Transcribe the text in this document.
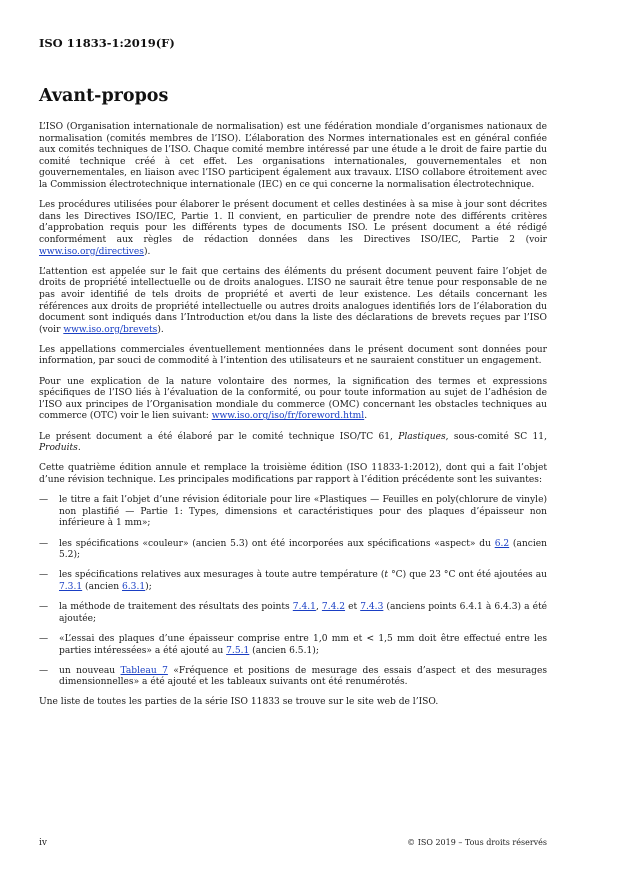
ISO 11833-1:2019(F)
Avant-propos

L’ISO (Organisation internationale de normalisation) est une fédération mondiale d’organismes nationaux de normalisation (comités membres de l’ISO). L’élaboration des Normes internationales est en général confiée aux comités techniques de l’ISO. Chaque comité membre intéressé par une étude a le droit de faire partie du comité technique créé à cet effet. Les organisations internationales, gouvernementales et non gouvernementales, en liaison avec l’ISO participent également aux travaux. L’ISO collabore étroitement avec la Commission électrotechnique internationale (IEC) en ce qui concerne la normalisation électrotechnique.

Les procédures utilisées pour élaborer le présent document et celles destinées à sa mise à jour sont décrites dans les Directives ISO/IEC, Partie 1. Il convient, en particulier de prendre note des différents critères d’approbation requis pour les différents types de documents ISO. Le présent document a été rédigé conformément aux règles de rédaction données dans les Directives ISO/IEC, Partie 2 (voir www.iso.org/directives).

L’attention est appelée sur le fait que certains des éléments du présent document peuvent faire l’objet de droits de propriété intellectuelle ou de droits analogues. L’ISO ne saurait être tenue pour responsable de ne pas avoir identifié de tels droits de propriété et averti de leur existence. Les détails concernant les références aux droits de propriété intellectuelle ou autres droits analogues identifiés lors de l’élaboration du document sont indiqués dans l’Introduction et/ou dans la liste des déclarations de brevets reçues par l’ISO (voir www.iso.org/brevets).

Les appellations commerciales éventuellement mentionnées dans le présent document sont données pour information, par souci de commodité à l’intention des utilisateurs et ne sauraient constituer un engagement.

Pour une explication de la nature volontaire des normes, la signification des termes et expressions spécifiques de l’ISO liés à l’évaluation de la conformité, ou pour toute information au sujet de l’adhésion de l’ISO aux principes de l’Organisation mondiale du commerce (OMC) concernant les obstacles techniques au commerce (OTC) voir le lien suivant: www.iso.org/iso/fr/foreword.html.

Le présent document a été élaboré par le comité technique ISO/TC 61, Plastiques, sous-comité SC 11, Produits.

Cette quatrième édition annule et remplace la troisième édition (ISO 11833-1:2012), dont qui a fait l’objet d’une révision technique. Les principales modifications par rapport à l’édition précédente sont les suivantes:

— le titre a fait l’objet d’une révision éditoriale pour lire «Plastiques — Feuilles en poly(chlorure de vinyle) non plastifié — Partie 1: Types, dimensions et caractéristiques pour des plaques d’épaisseur non inférieure à 1 mm»;
— les spécifications «couleur» (ancien 5.3) ont été incorporées aux spécifications «aspect» du 6.2 (ancien 5.2);
— les spécifications relatives aux mesurages à toute autre température (t °C) que 23 °C ont été ajoutées au 7.3.1 (ancien 6.3.1);
— la méthode de traitement des résultats des points 7.4.1, 7.4.2 et 7.4.3 (anciens points 6.4.1 à 6.4.3) a été ajoutée;
— «L’essai des plaques d’une épaisseur comprise entre 1,0 mm et < 1,5 mm doit être effectué entre les parties intéressées» a été ajouté au 7.5.1 (ancien 6.5.1);
— un nouveau Tableau 7 «Fréquence et positions de mesurage des essais d’aspect et des mesurages dimensionnelles» a été ajouté et les tableaux suivants ont été renumérotés.

Une liste de toutes les parties de la série ISO 11833 se trouve sur le site web de l’ISO.

iv	© ISO 2019 – Tous droits réservés
